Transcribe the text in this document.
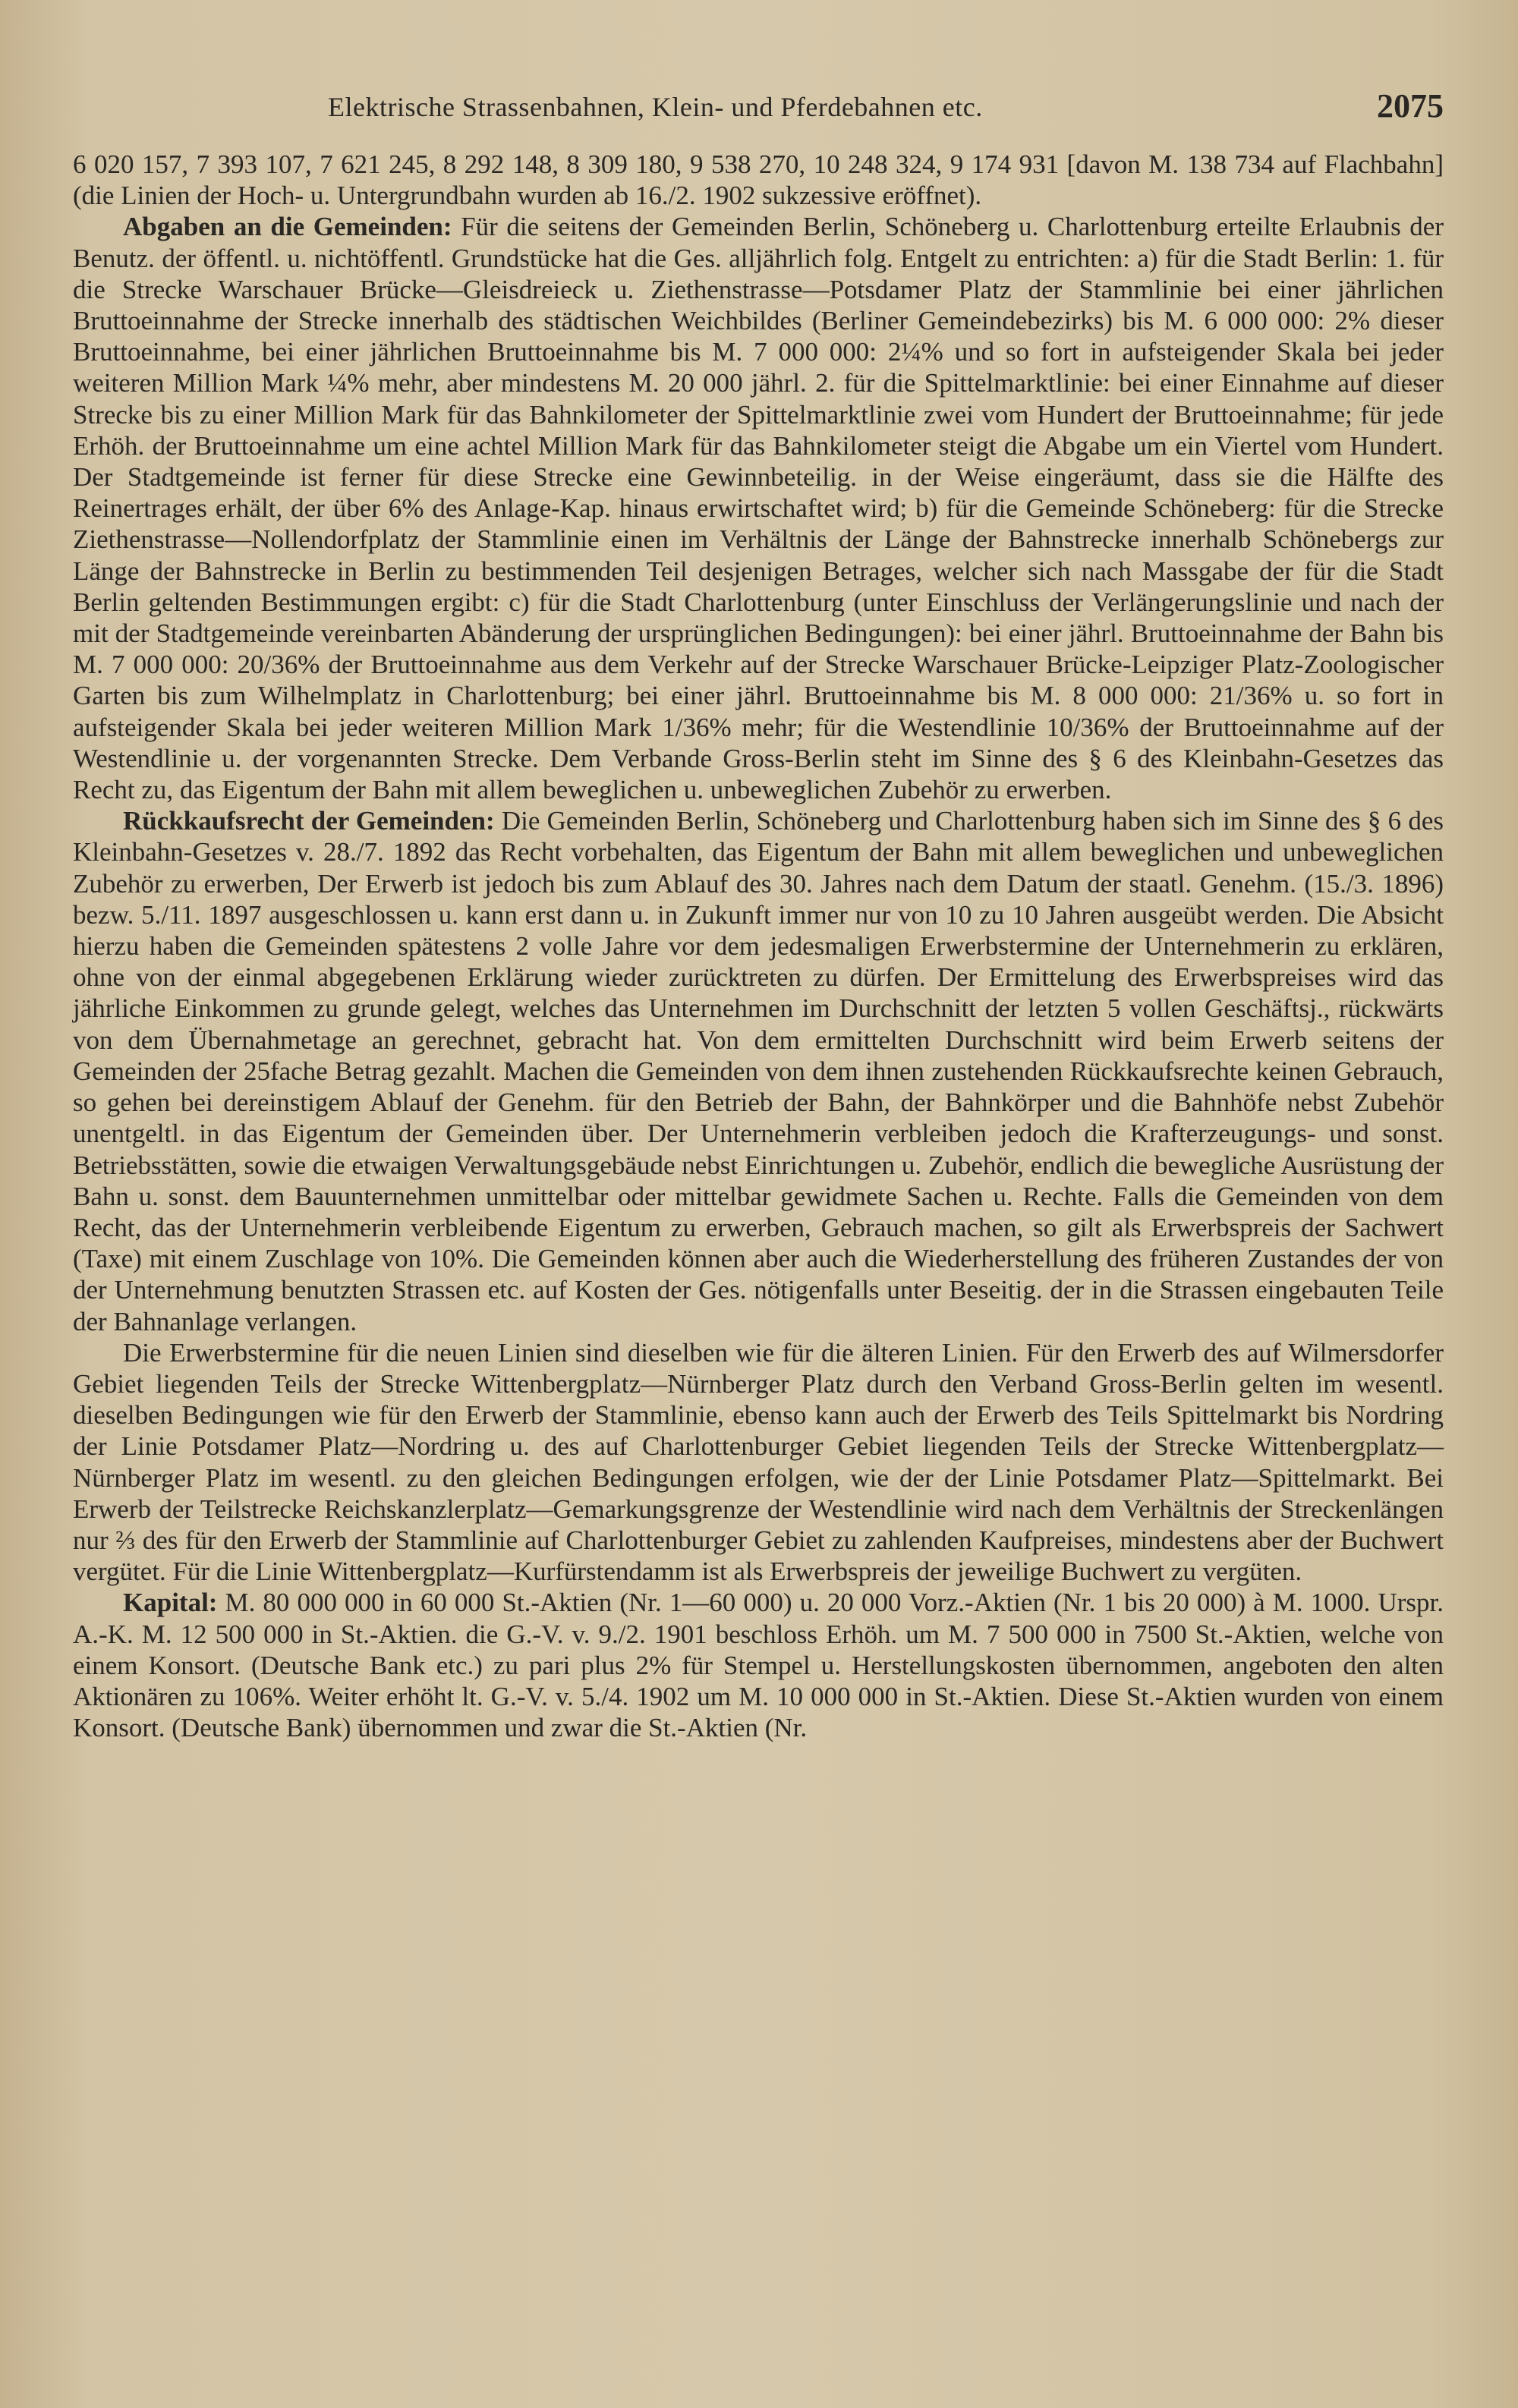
Elektrische Strassenbahnen, Klein- und Pferdebahnen etc.	2075

6 020 157, 7 393 107, 7 621 245, 8 292 148, 8 309 180, 9 538 270, 10 248 324, 9 174 931 [davon M. 138 734 auf Flachbahn] (die Linien der Hoch- u. Untergrundbahn wurden ab 16./2. 1902 sukzessive eröffnet).

Abgaben an die Gemeinden: Für die seitens der Gemeinden Berlin, Schöneberg u. Charlottenburg erteilte Erlaubnis der Benutz. der öffentl. u. nichtöffentl. Grundstücke hat die Ges. alljährlich folg. Entgelt zu entrichten: a) für die Stadt Berlin: 1. für die Strecke Warschauer Brücke—Gleisdreieck u. Ziethenstrasse—Potsdamer Platz der Stammlinie bei einer jährlichen Bruttoeinnahme der Strecke innerhalb des städtischen Weichbildes (Berliner Gemeindebezirks) bis M. 6 000 000: 2% dieser Bruttoeinnahme, bei einer jährlichen Bruttoeinnahme bis M. 7 000 000: 2¼% und so fort in aufsteigender Skala bei jeder weiteren Million Mark ¼% mehr, aber mindestens M. 20 000 jährl. 2. für die Spittelmarktlinie: bei einer Einnahme auf dieser Strecke bis zu einer Million Mark für das Bahnkilometer der Spittelmarktlinie zwei vom Hundert der Bruttoeinnahme; für jede Erhöh. der Bruttoeinnahme um eine achtel Million Mark für das Bahnkilometer steigt die Abgabe um ein Viertel vom Hundert. Der Stadtgemeinde ist ferner für diese Strecke eine Gewinnbeteilig. in der Weise eingeräumt, dass sie die Hälfte des Reinertrages erhält, der über 6% des Anlage-Kap. hinaus erwirtschaftet wird; b) für die Gemeinde Schöneberg: für die Strecke Ziethenstrasse—Nollendorfplatz der Stammlinie einen im Verhältnis der Länge der Bahnstrecke innerhalb Schönebergs zur Länge der Bahnstrecke in Berlin zu bestimmenden Teil desjenigen Betrages, welcher sich nach Massgabe der für die Stadt Berlin geltenden Bestimmungen ergibt: c) für die Stadt Charlottenburg (unter Einschluss der Verlängerungslinie und nach der mit der Stadtgemeinde vereinbarten Abänderung der ursprünglichen Bedingungen): bei einer jährl. Bruttoeinnahme der Bahn bis M. 7 000 000: 20/36% der Bruttoeinnahme aus dem Verkehr auf der Strecke Warschauer Brücke-Leipziger Platz-Zoologischer Garten bis zum Wilhelmplatz in Charlottenburg; bei einer jährl. Bruttoeinnahme bis M. 8 000 000: 21/36% u. so fort in aufsteigender Skala bei jeder weiteren Million Mark 1/36% mehr; für die Westendlinie 10/36% der Bruttoeinnahme auf der Westendlinie u. der vorgenannten Strecke. Dem Verbande Gross-Berlin steht im Sinne des § 6 des Kleinbahn-Gesetzes das Recht zu, das Eigentum der Bahn mit allem beweglichen u. unbeweglichen Zubehör zu erwerben.

Rückkaufsrecht der Gemeinden: Die Gemeinden Berlin, Schöneberg und Charlottenburg haben sich im Sinne des § 6 des Kleinbahn-Gesetzes v. 28./7. 1892 das Recht vorbehalten, das Eigentum der Bahn mit allem beweglichen und unbeweglichen Zubehör zu erwerben, Der Erwerb ist jedoch bis zum Ablauf des 30. Jahres nach dem Datum der staatl. Genehm. (15./3. 1896) bezw. 5./11. 1897 ausgeschlossen u. kann erst dann u. in Zukunft immer nur von 10 zu 10 Jahren ausgeübt werden. Die Absicht hierzu haben die Gemeinden spätestens 2 volle Jahre vor dem jedesmaligen Erwerbstermine der Unternehmerin zu erklären, ohne von der einmal abgegebenen Erklärung wieder zurücktreten zu dürfen. Der Ermittelung des Erwerbspreises wird das jährliche Einkommen zu grunde gelegt, welches das Unternehmen im Durchschnitt der letzten 5 vollen Geschäftsj., rückwärts von dem Übernahmetage an gerechnet, gebracht hat. Von dem ermittelten Durchschnitt wird beim Erwerb seitens der Gemeinden der 25fache Betrag gezahlt. Machen die Gemeinden von dem ihnen zustehenden Rückkaufsrechte keinen Gebrauch, so gehen bei dereinstigem Ablauf der Genehm. für den Betrieb der Bahn, der Bahnkörper und die Bahnhöfe nebst Zubehör unentgeltl. in das Eigentum der Gemeinden über. Der Unternehmerin verbleiben jedoch die Krafterzeugungs- und sonst. Betriebsstätten, sowie die etwaigen Verwaltungsgebäude nebst Einrichtungen u. Zubehör, endlich die bewegliche Ausrüstung der Bahn u. sonst. dem Bauunternehmen unmittelbar oder mittelbar gewidmete Sachen u. Rechte. Falls die Gemeinden von dem Recht, das der Unternehmerin verbleibende Eigentum zu erwerben, Gebrauch machen, so gilt als Erwerbspreis der Sachwert (Taxe) mit einem Zuschlage von 10%. Die Gemeinden können aber auch die Wiederherstellung des früheren Zustandes der von der Unternehmung benutzten Strassen etc. auf Kosten der Ges. nötigenfalls unter Beseitig. der in die Strassen eingebauten Teile der Bahnanlage verlangen.

Die Erwerbstermine für die neuen Linien sind dieselben wie für die älteren Linien. Für den Erwerb des auf Wilmersdorfer Gebiet liegenden Teils der Strecke Wittenbergplatz—Nürnberger Platz durch den Verband Gross-Berlin gelten im wesentl. dieselben Bedingungen wie für den Erwerb der Stammlinie, ebenso kann auch der Erwerb des Teils Spittelmarkt bis Nordring der Linie Potsdamer Platz—Nordring u. des auf Charlottenburger Gebiet liegenden Teils der Strecke Wittenbergplatz—Nürnberger Platz im wesentl. zu den gleichen Bedingungen erfolgen, wie der der Linie Potsdamer Platz—Spittelmarkt. Bei Erwerb der Teilstrecke Reichskanzlerplatz—Gemarkungsgrenze der Westendlinie wird nach dem Verhältnis der Streckenlängen nur ⅔ des für den Erwerb der Stammlinie auf Charlottenburger Gebiet zu zahlenden Kaufpreises, mindestens aber der Buchwert vergütet. Für die Linie Wittenbergplatz—Kurfürstendamm ist als Erwerbspreis der jeweilige Buchwert zu vergüten.

Kapital: M. 80 000 000 in 60 000 St.-Aktien (Nr. 1—60 000) u. 20 000 Vorz.-Aktien (Nr. 1 bis 20 000) à M. 1000. Urspr. A.-K. M. 12 500 000 in St.-Aktien. die G.-V. v. 9./2. 1901 beschloss Erhöh. um M. 7 500 000 in 7500 St.-Aktien, welche von einem Konsort. (Deutsche Bank etc.) zu pari plus 2% für Stempel u. Herstellungskosten übernommen, angeboten den alten Aktionären zu 106%. Weiter erhöht lt. G.-V. v. 5./4. 1902 um M. 10 000 000 in St.-Aktien. Diese St.-Aktien wurden von einem Konsort. (Deutsche Bank) übernommen und zwar die St.-Aktien (Nr.
